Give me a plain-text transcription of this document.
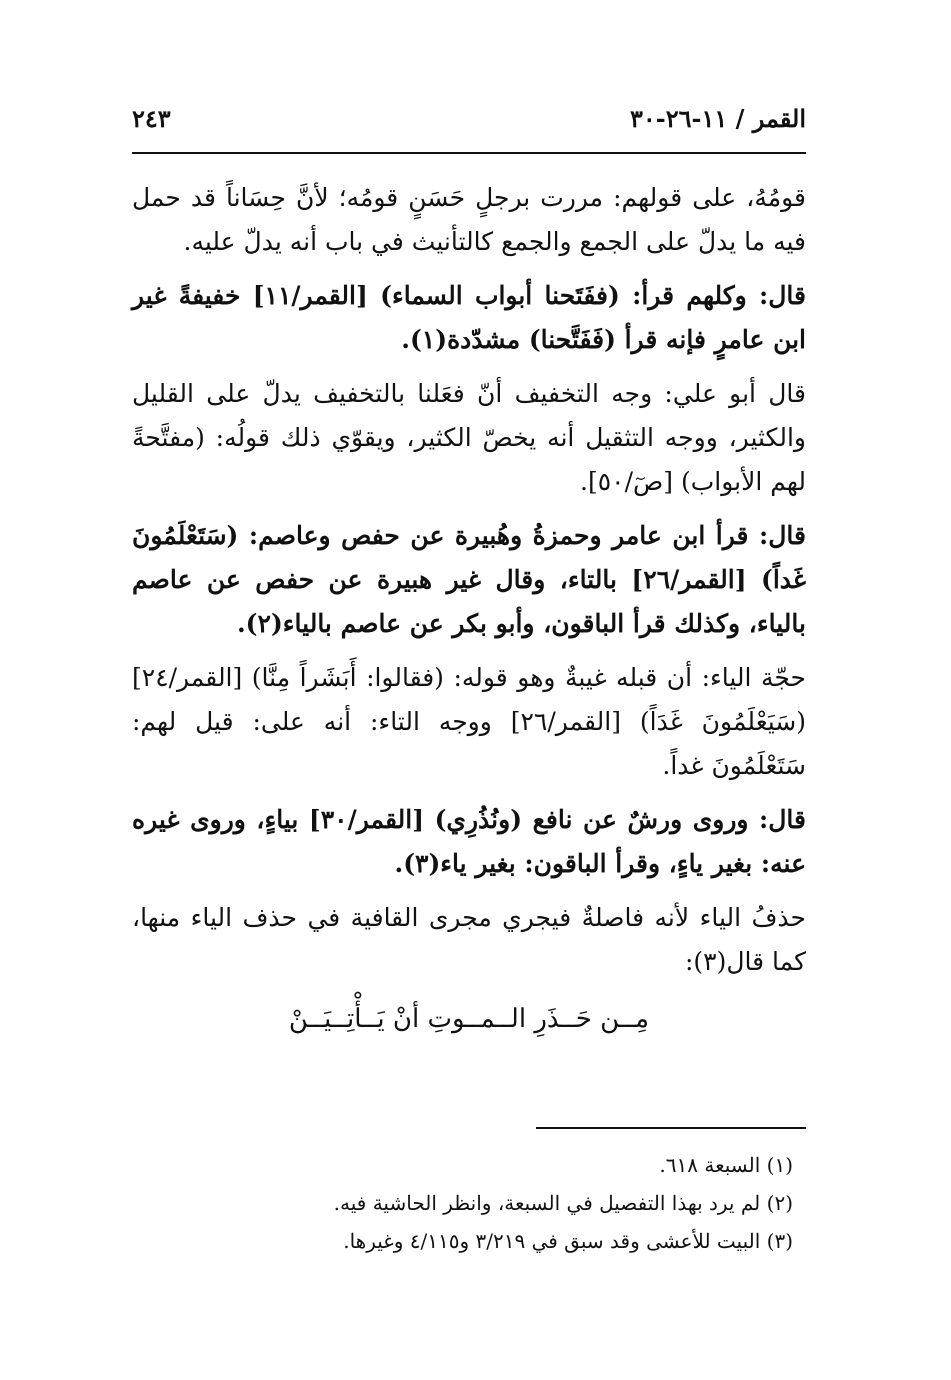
القمر / ١١-٢٦-٣٠
٢٤٣

قومُهُ، على قولهم: مررت برجلٍ حَسَنٍ قومُه؛ لأنَّ حِسَاناً قد حمل فيه ما يدلّ على الجمع والجمع كالتأنيث في باب أنه يدلّ عليه.

قال: وكلهم قرأ: (ففَتَحنا أبواب السماء) [القمر/١١] خفيفةً غير ابن عامرٍ فإنه قرأ (فَفَتَّحنا) مشدّدة(١).

قال أبو علي: وجه التخفيف أنّ فعَلنا بالتخفيف يدلّ على القليل والكثير، ووجه التثقيل أنه يخصّ الكثير، ويقوّي ذلك قولُه: (مفتَّحةً لهم الأبواب) [صٓ/٥٠].

قال: قرأ ابن عامر وحمزةُ وهُبيرة عن حفص وعاصم: (سَتَعْلَمُونَ غَداً) [القمر/٢٦] بالتاء، وقال غير هبيرة عن حفص عن عاصم بالياء، وكذلك قرأ الباقون، وأبو بكر عن عاصم بالياء(٢).

حجّة الياء: أن قبله غيبةٌ وهو قوله: (فقالوا: أَبَشَراً مِنَّا) [القمر/٢٤] (سَيَعْلَمُونَ غَدَاً) [القمر/٢٦] ووجه التاء: أنه على: قيل لهم: سَتَعْلَمُونَ غداً.

قال: وروى ورشٌ عن نافع (ونُذُرِي) [القمر/٣٠] بياءٍ، وروى غيره عنه: بغير ياءٍ، وقرأ الباقون: بغير ياء(٣).

حذفُ الياء لأنه فاصلةٌ فيجري مجرى القافية في حذف الياء منها، كما قال(٣):

مِــن حَــذَرِ الــمــوتِ أنْ يَــأْتِــيَــنْ

(١) السبعة ٦١٨.

(٢) لم يرد بهذا التفصيل في السبعة، وانظر الحاشية فيه.

(٣) البيت للأعشى وقد سبق في ٣/٢١٩ و٤/١١٥ وغيرها.
